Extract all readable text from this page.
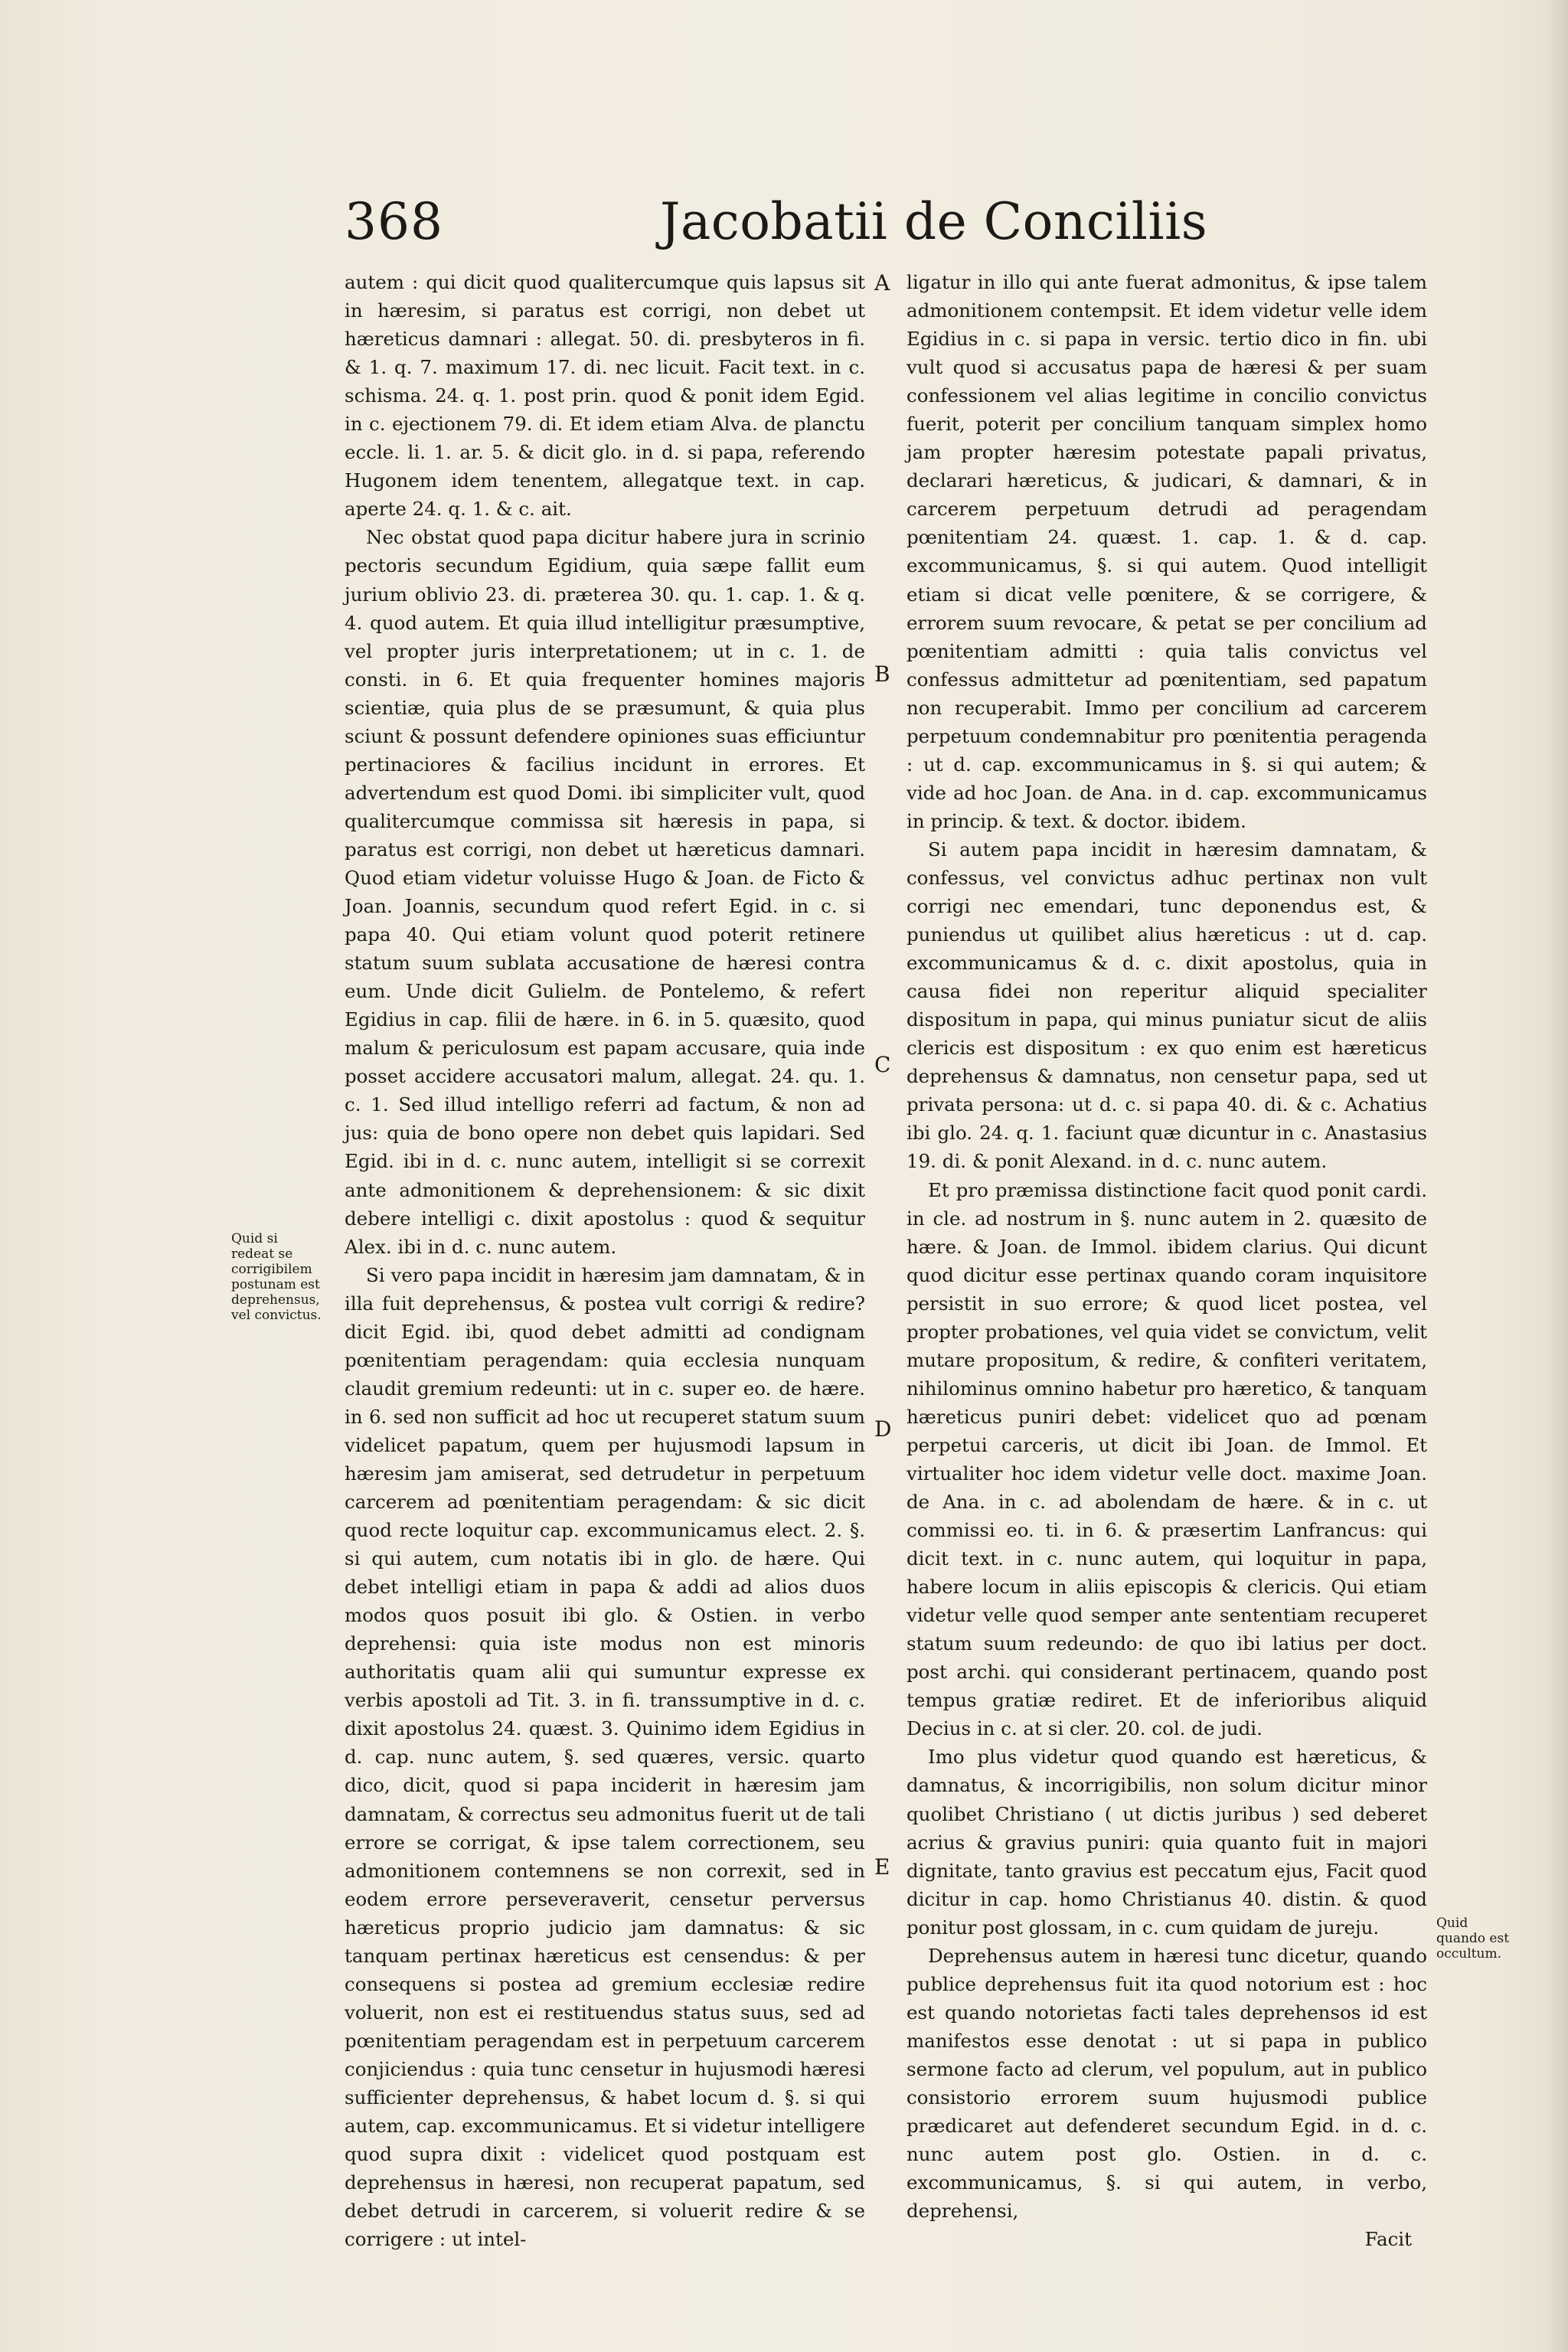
368	Jacobatii de Conciliis

autem : qui dicit quod qualitercumque quis lapsus sit in hæresim, si paratus est corrigi, non debet ut hæreticus damnari : allegat. 50. di. presbyteros in fi. & 1. q. 7. maximum 17. di. nec licuit. Facit text. in c. schisma. 24. q. 1. post prin. quod & ponit idem Egid. in c. ejectionem 79. di. Et idem etiam Alva. de planctu eccle. li. 1. ar. 5. & dicit glo. in d. si papa, referendo Hugonem idem tenentem, allegatque text. in cap. aperte 24. q. 1. & c. ait.

Nec obstat quod papa dicitur habere jura in scrinio pectoris secundum Egidium, quia sæpe fallit eum jurium oblivio 23. di. præterea 30. qu. 1. cap. 1. & q. 4. quod autem. Et quia illud intelligitur præsumptive, vel propter juris interpretationem; ut in c. 1. de consti. in 6. Et quia frequenter homines majoris scientiæ, quia plus de se præsumunt, & quia plus sciunt & possunt defendere opiniones suas efficiuntur pertinaciores & facilius incidunt in errores. Et advertendum est quod Domi. ibi simpliciter vult, quod qualitercumque commissa sit hæresis in papa, si paratus est corrigi, non debet ut hæreticus damnari. Quod etiam videtur voluisse Hugo & Joan. de Ficto & Joan. Joannis, secundum quod refert Egid. in c. si papa 40. Qui etiam volunt quod poterit retinere statum suum sublata accusatione de hæresi contra eum. Unde dicit Gulielm. de Pontelemo, & refert Egidius in cap. filii de hære. in 6. in 5. quæsito, quod malum & periculosum est papam accusare, quia inde posset accidere accusatori malum, allegat. 24. qu. 1. c. 1. Sed illud intelligo referri ad factum, & non ad jus: quia de bono opere non debet quis lapidari. Sed Egid. ibi in d. c. nunc autem, intelligit si se correxit ante admonitionem & deprehensionem: & sic dixit debere intelligi c. dixit apostolus : quod & sequitur Alex. ibi in d. c. nunc autem.

Si vero papa incidit in hæresim jam damnatam, & in illa fuit deprehensus, & postea vult corrigi & redire? dicit Egid. ibi, quod debet admitti ad condignam pœnitentiam peragendam: quia ecclesia nunquam claudit gremium redeunti: ut in c. super eo. de hære. in 6. sed non sufficit ad hoc ut recuperet statum suum videlicet papatum, quem per hujusmodi lapsum in hæresim jam amiserat, sed detrudetur in perpetuum carcerem ad pœnitentiam peragendam: & sic dicit quod recte loquitur cap. excommunicamus elect. 2. §. si qui autem, cum notatis ibi in glo. de hære. Qui debet intelligi etiam in papa & addi ad alios duos modos quos posuit ibi glo. & Ostien. in verbo deprehensi: quia iste modus non est minoris authoritatis quam alii qui sumuntur expresse ex verbis apostoli ad Tit. 3. in fi. transsumptive in d. c. dixit apostolus 24. quæst. 3. Quinimo idem Egidius in d. cap. nunc autem, §. sed quæres, versic. quarto dico, dicit, quod si papa inciderit in hæresim jam damnatam, & correctus seu admonitus fuerit ut de tali errore se corrigat, & ipse talem correctionem, seu admonitionem contemnens se non correxit, sed in eodem errore perseveraverit, censetur perversus hæreticus proprio judicio jam damnatus: & sic tanquam pertinax hæreticus est censendus: & per consequens si postea ad gremium ecclesiæ redire voluerit, non est ei restituendus status suus, sed ad pœnitentiam peragendam est in perpetuum carcerem conjiciendus : quia tunc censetur in hujusmodi hæresi sufficienter deprehensus, & habet locum d. §. si qui autem, cap. excommunicamus. Et si videtur intelligere quod supra dixit : videlicet quod postquam est deprehensus in hæresi, non recuperat papatum, sed debet detrudi in carcerem, si voluerit redire & se corrigere : ut intel-

ligatur in illo qui ante fuerat admonitus, & ipse talem admonitionem contempsit. Et idem videtur velle idem Egidius in c. si papa in versic. tertio dico in fin. ubi vult quod si accusatus papa de hæresi & per suam confessionem vel alias legitime in concilio convictus fuerit, poterit per concilium tanquam simplex homo jam propter hæresim potestate papali privatus, declarari hæreticus, & judicari, & damnari, & in carcerem perpetuum detrudi ad peragendam pœnitentiam 24. quæst. 1. cap. 1. & d. cap. excommunicamus, §. si qui autem. Quod intelligit etiam si dicat velle pœnitere, & se corrigere, & errorem suum revocare, & petat se per concilium ad pœnitentiam admitti : quia talis convictus vel confessus admittetur ad pœnitentiam, sed papatum non recuperabit. Immo per concilium ad carcerem perpetuum condemnabitur pro pœnitentia peragenda : ut d. cap. excommunicamus in §. si qui autem; & vide ad hoc Joan. de Ana. in d. cap. excommunicamus in princip. & text. & doctor. ibidem.

Si autem papa incidit in hæresim damnatam, & confessus, vel convictus adhuc pertinax non vult corrigi nec emendari, tunc deponendus est, & puniendus ut quilibet alius hæreticus : ut d. cap. excommunicamus & d. c. dixit apostolus, quia in causa fidei non reperitur aliquid specialiter dispositum in papa, qui minus puniatur sicut de aliis clericis est dispositum : ex quo enim est hæreticus deprehensus & damnatus, non censetur papa, sed ut privata persona: ut d. c. si papa 40. di. & c. Achatius ibi glo. 24. q. 1. faciunt quæ dicuntur in c. Anastasius 19. di. & ponit Alexand. in d. c. nunc autem.

Et pro præmissa distinctione facit quod ponit cardi. in cle. ad nostrum in §. nunc autem in 2. quæsito de hære. & Joan. de Immol. ibidem clarius. Qui dicunt quod dicitur esse pertinax quando coram inquisitore persistit in suo errore; & quod licet postea, vel propter probationes, vel quia videt se convictum, velit mutare propositum, & redire, & confiteri veritatem, nihilominus omnino habetur pro hæretico, & tanquam hæreticus puniri debet: videlicet quo ad pœnam perpetui carceris, ut dicit ibi Joan. de Immol. Et virtualiter hoc idem videtur velle doct. maxime Joan. de Ana. in c. ad abolendam de hære. & in c. ut commissi eo. ti. in 6. & præsertim Lanfrancus: qui dicit text. in c. nunc autem, qui loquitur in papa, habere locum in aliis episcopis & clericis. Qui etiam videtur velle quod semper ante sententiam recuperet statum suum redeundo: de quo ibi latius per doct. post archi. qui considerant pertinacem, quando post tempus gratiæ rediret. Et de inferioribus aliquid Decius in c. at si cler. 20. col. de judi.

Imo plus videtur quod quando est hæreticus, & damnatus, & incorrigibilis, non solum dicitur minor quolibet Christiano ( ut dictis juribus ) sed deberet acrius & gravius puniri: quia quanto fuit in majori dignitate, tanto gravius est peccatum ejus, Facit quod dicitur in cap. homo Christianus 40. distin. & quod ponitur post glossam, in c. cum quidam de jureju.

Deprehensus autem in hæresi tunc dicetur, quando publice deprehensus fuit ita quod notorium est : hoc est quando notorietas facti tales deprehensos id est manifestos esse denotat : ut si papa in publico sermone facto ad clerum, vel populum, aut in publico consistorio errorem suum hujusmodi publice prædicaret aut defenderet secundum Egid. in d. c. nunc autem post glo. Ostien. in d. c. excommunicamus, §. si qui autem, in verbo, deprehensi,

Facit

A
B
C
D
E
Quid si redeat se corrigibilem postunam est deprehensus, vel convictus.
Quid quando est occultum.
